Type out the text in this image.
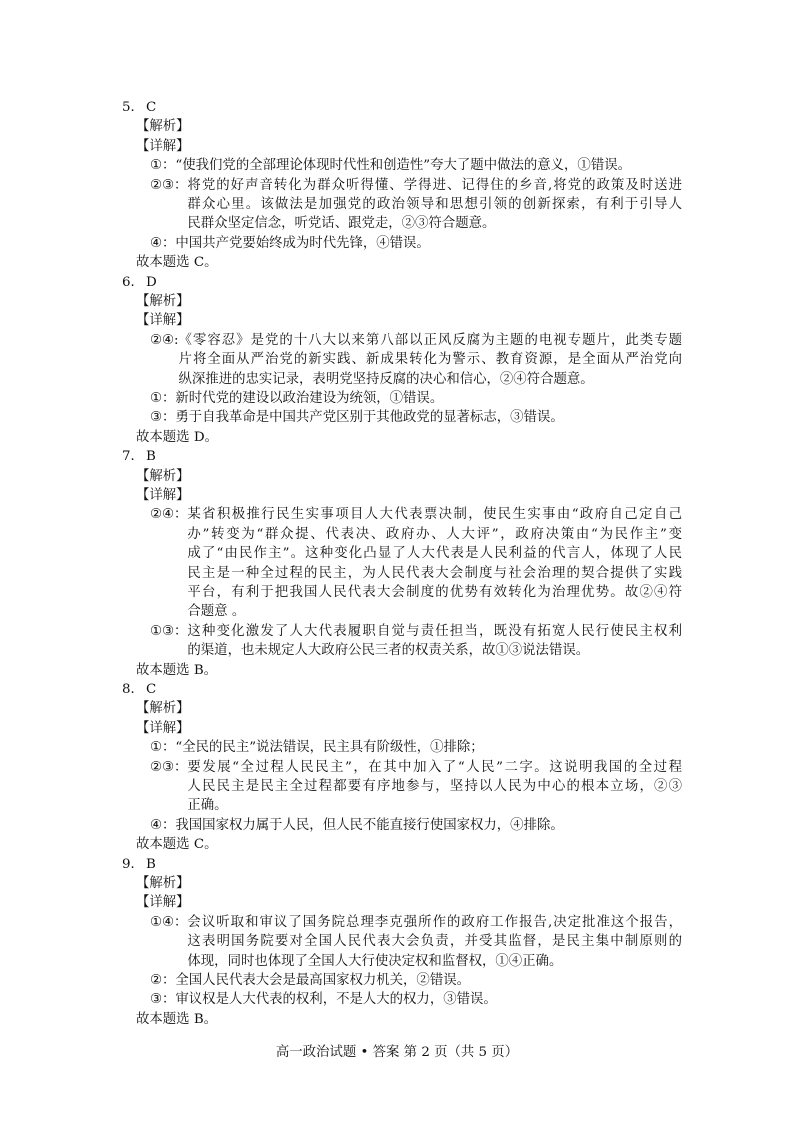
5． C
【解析】
【详解】
①： “使我们党的全部理论体现时代性和创造性”夸大了题中做法的意义，①错误。
②③： 将党的好声音转化为群众听得懂、学得进、记得住的乡音,将党的政策及时送进
群众心里。该做法是加强党的政治领导和思想引领的创新探索，有利于引导人
民群众坚定信念，听党话、跟党走，②③符合题意。
④： 中国共产党要始终成为时代先锋，④错误。
故本题选 C。
6． D
【解析】
【详解】
②④: 《零容忍》是党的十八大以来第八部以正风反腐为主题的电视专题片，此类专题
片将全面从严治党的新实践、新成果转化为警示、教育资源，是全面从严治党向
纵深推进的忠实记录，表明党坚持反腐的决心和信心，②④符合题意。
①： 新时代党的建设以政治建设为统领，①错误。
③： 勇于自我革命是中国共产党区别于其他政党的显著标志，③错误。
故本题选 D。
7． B
【解析】
【详解】
②④： 某省积极推行民生实事项目人大代表票决制，使民生实事由“政府自己定自己
办”转变为“群众提、代表决、政府办、人大评”，政府决策由“为民作主”变
成了“由民作主”。这种变化凸显了人大代表是人民利益的代言人，体现了人民
民主是一种全过程的民主，为人民代表大会制度与社会治理的契合提供了实践
平台，有利于把我国人民代表大会制度的优势有效转化为治理优势。故②④符
合题意 。
①③： 这种变化激发了人大代表履职自觉与责任担当，既没有拓宽人民行使民主权利
的渠道，也未规定人大政府公民三者的权责关系，故①③说法错误。
故本题选 B。
8． C
【解析】
【详解】
①： “全民的民主”说法错误，民主具有阶级性，①排除；
②③： 要发展“全过程人民民主”，在其中加入了“人民”二字。这说明我国的全过程
人民民主是民主全过程都要有序地参与，坚持以人民为中心的根本立场，②③
正确。
④： 我国国家权力属于人民，但人民不能直接行使国家权力，④排除。
故本题选 C。
9． B
【解析】
【详解】
①④： 会议听取和审议了国务院总理李克强所作的政府工作报告,决定批准这个报告，
这表明国务院要对全国人民代表大会负责，并受其监督，是民主集中制原则的
体现，同时也体现了全国人大行使决定权和监督权，①④正确。
②： 全国人民代表大会是最高国家权力机关，②错误。
③： 审议权是人大代表的权利，不是人大的权力，③错误。
故本题选 B。
高一政治试题 • 答案 第 2 页（共 5 页）
